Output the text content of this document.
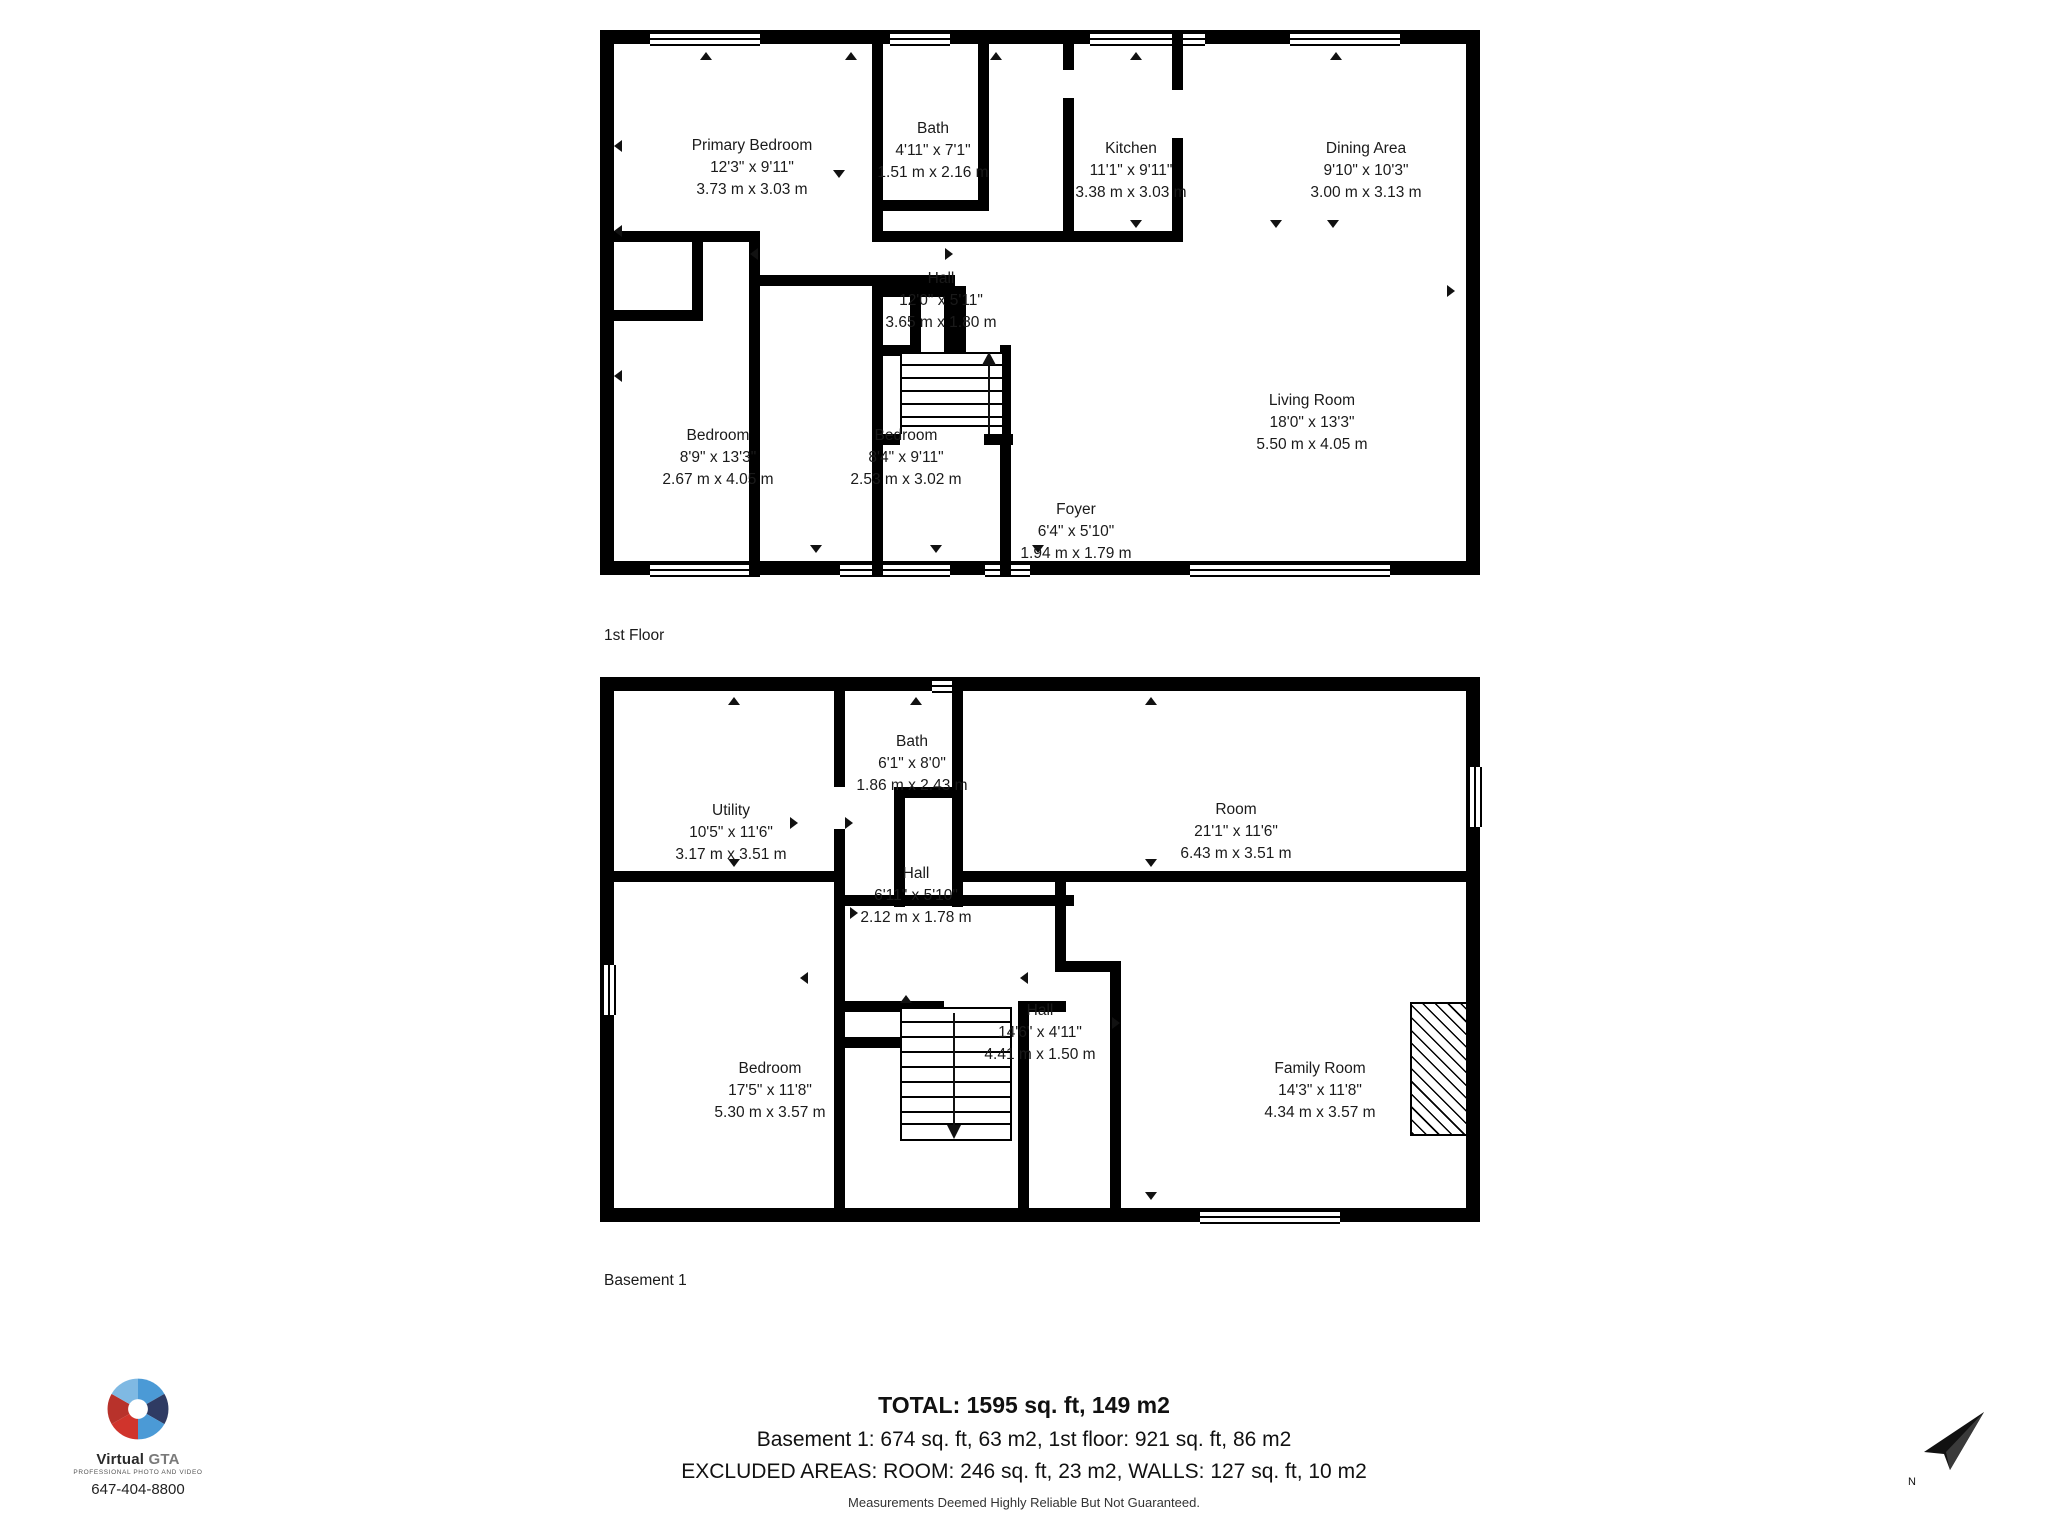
Primary Bedroom
12'3" x 9'11"
3.73 m x 3.03 m
Bath
4'11" x 7'1"
1.51 m x 2.16 m
Kitchen
11'1" x 9'11"
3.38 m x 3.03 m
Dining Area
9'10" x 10'3"
3.00 m x 3.13 m
Hall
12'0" x 5'11"
3.65 m x 1.80 m
Living Room
18'0" x 13'3"
5.50 m x 4.05 m
Bedroom
8'9" x 13'3"
2.67 m x 4.05 m
Bedroom
8'4" x 9'11"
2.53 m x 3.02 m
Foyer
6'4" x 5'10"
1.94 m x 1.79 m
1st Floor
Utility
10'5" x 11'6"
3.17 m x 3.51 m
Bath
6'1" x 8'0"
1.86 m x 2.43 m
Room
21'1" x 11'6"
6.43 m x 3.51 m
Hall
6'11" x 5'10"
2.12 m x 1.78 m
Hall
14'6" x 4'11"
4.41 m x 1.50 m
Bedroom
17'5" x 11'8"
5.30 m x 3.57 m
Family Room
14'3" x 11'8"
4.34 m x 3.57 m
Basement 1
TOTAL: 1595 sq. ft, 149 m2
Basement 1: 674 sq. ft, 63 m2, 1st floor: 921 sq. ft, 86 m2
EXCLUDED AREAS: ROOM: 246 sq. ft, 23 m2, WALLS: 127 sq. ft, 10 m2
Measurements Deemed Highly Reliable But Not Guaranteed.
Virtual GTA
PROFESSIONAL PHOTO AND VIDEO
647-404-8800	N
